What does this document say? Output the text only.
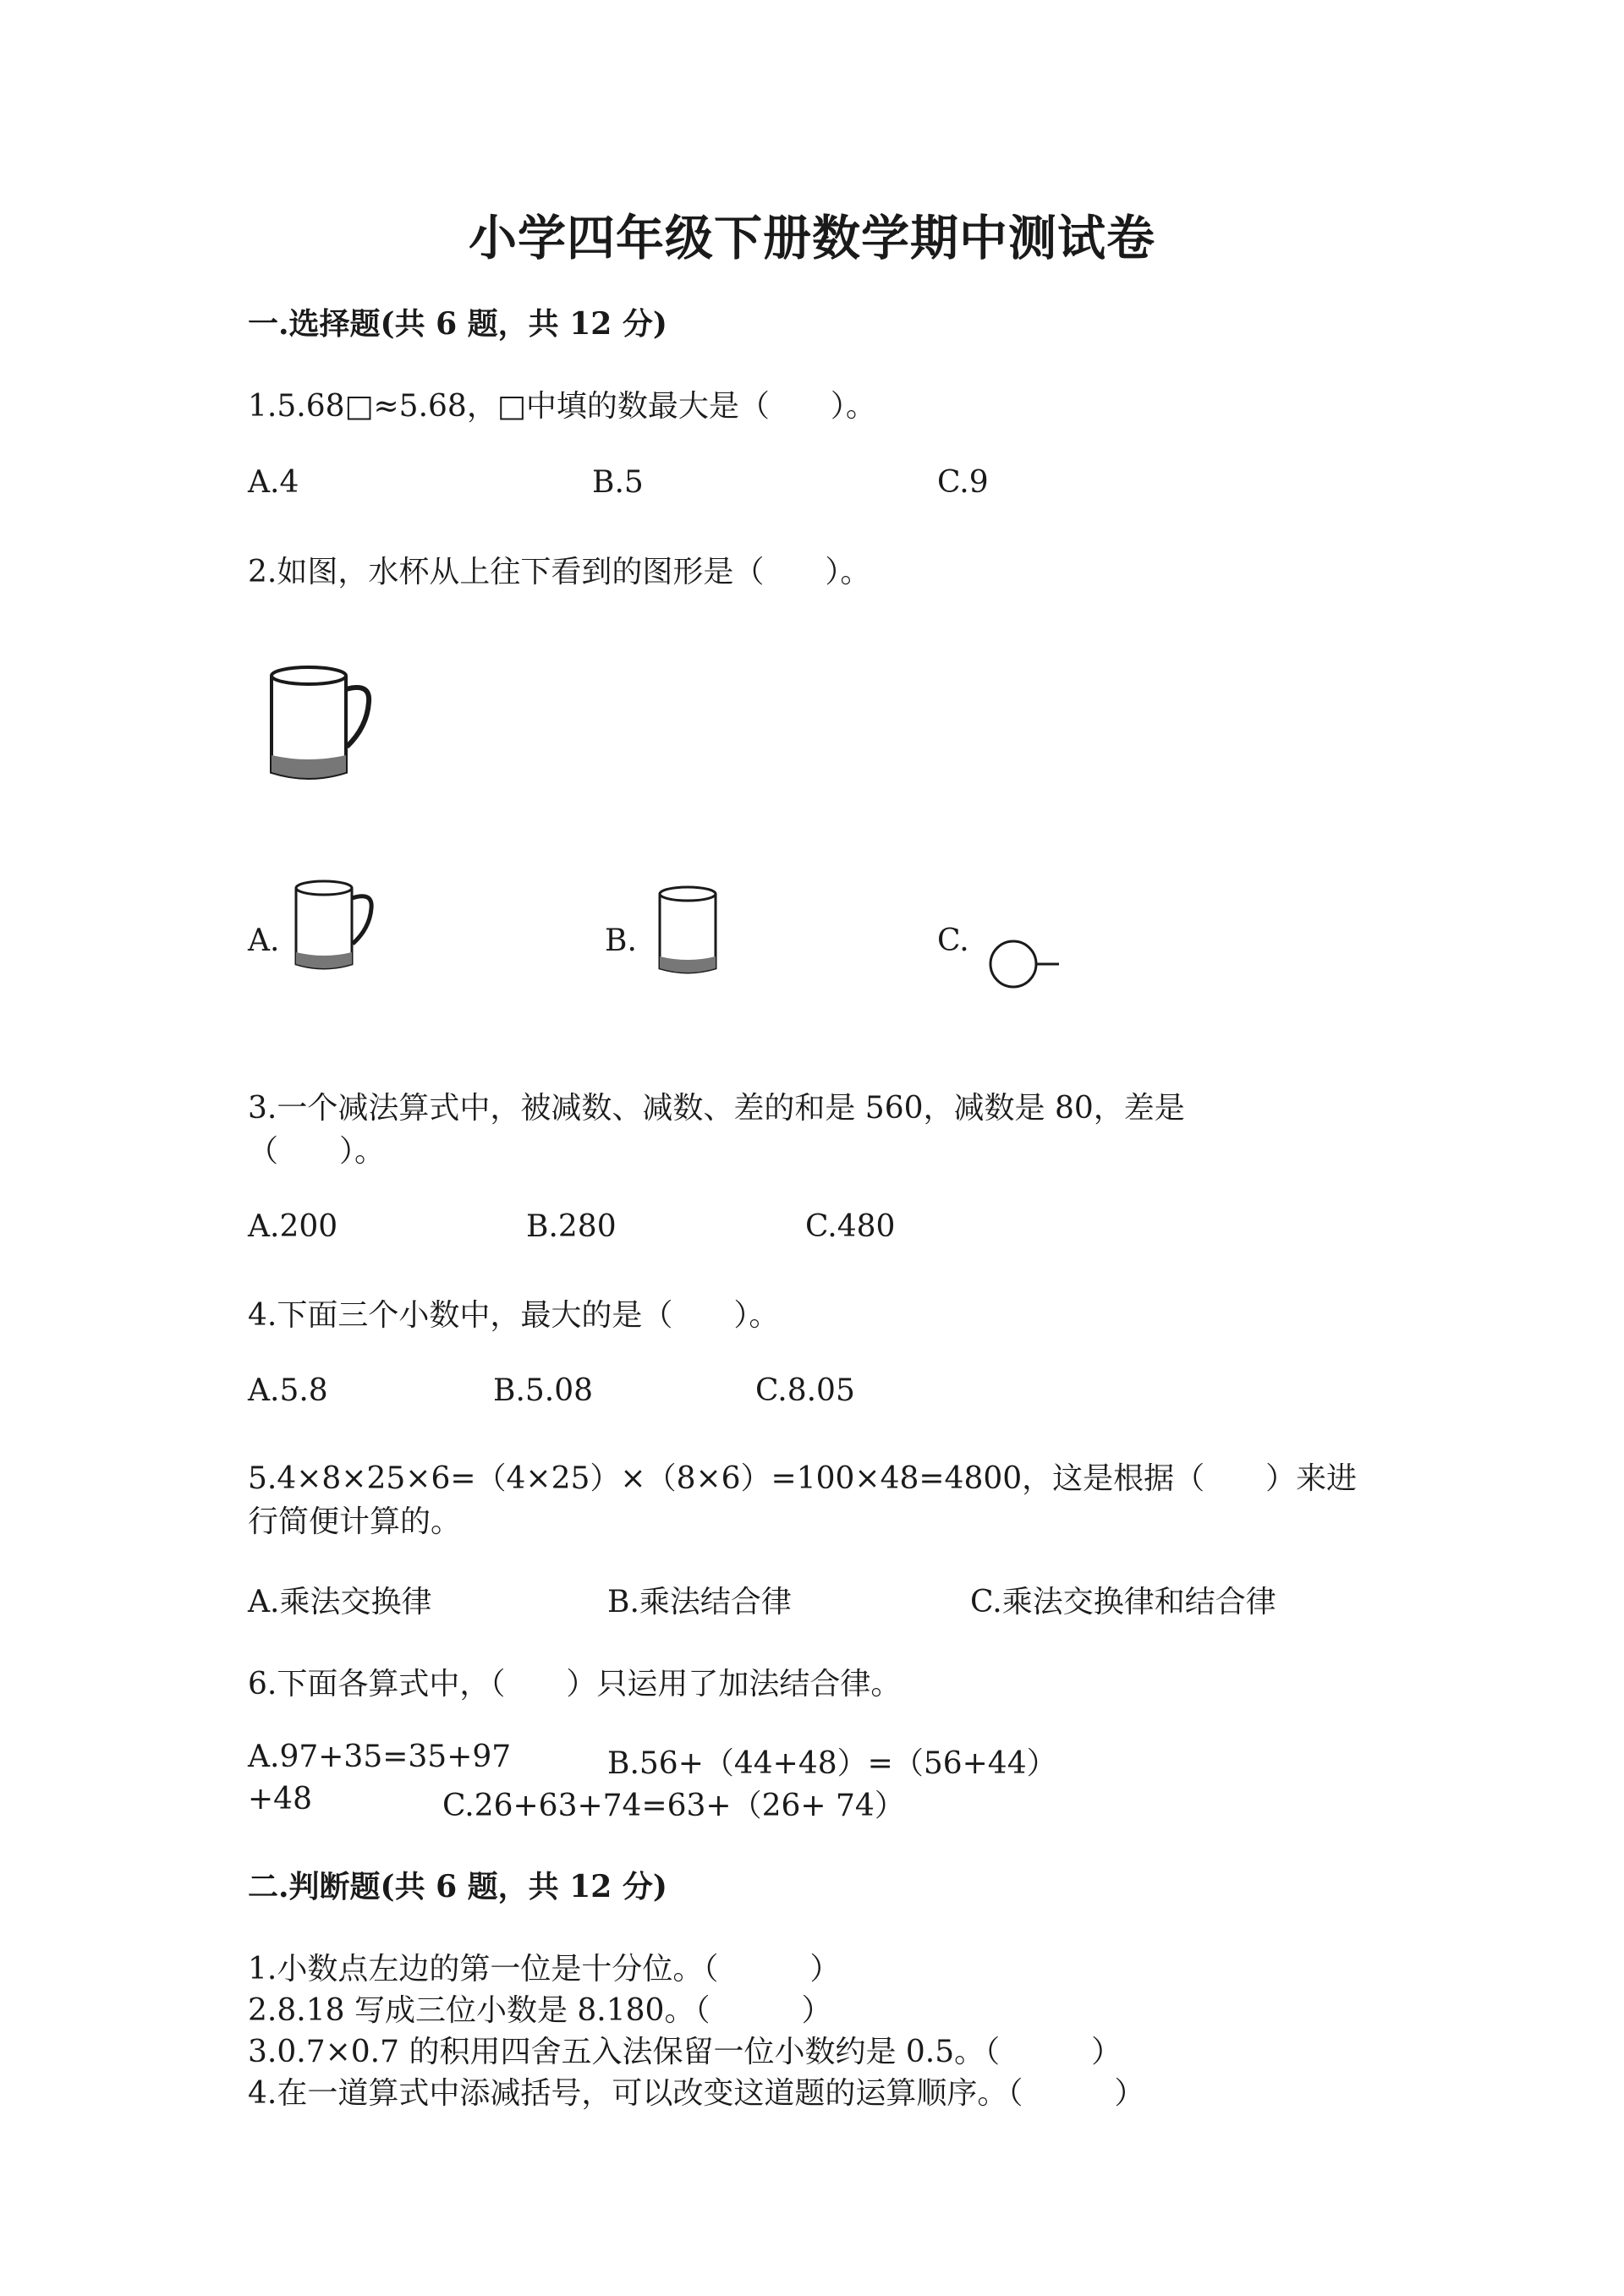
小学四年级下册数学期中测试卷
一.选择题(共 6 题，共 12 分)
1.5.68□≈5.68，□中填的数最大是（　　）。
A.4	B.5	C.9
2.如图，水杯从上往下看到的图形是（　　）。
A.	B.	C.
3.一个减法算式中，被减数、减数、差的和是 560，减数是 80，差是
（　　）。
A.200	B.280	C.480
4.下面三个小数中，最大的是（　　）。
A.5.8	B.5.08	C.8.05
5.4×8×25×6=（4×25）×（8×6）=100×48=4800，这是根据（　　）来进
行简便计算的。
A.乘法交换律	B.乘法结合律	C.乘法交换律和结合律
6.下面各算式中，（　　）只运用了加法结合律。
A.97+35=35+97	B.56+（44+48）=（56+44）
+48	C.26+63+74=63+（26+ 74）
二.判断题(共 6 题，共 12 分)
1.小数点左边的第一位是十分位。（　　　）
2.8.18 写成三位小数是 8.180。（　　　）
3.0.7×0.7 的积用四舍五入法保留一位小数约是 0.5。（　　　）
4.在一道算式中添减括号，可以改变这道题的运算顺序。（　　　）
